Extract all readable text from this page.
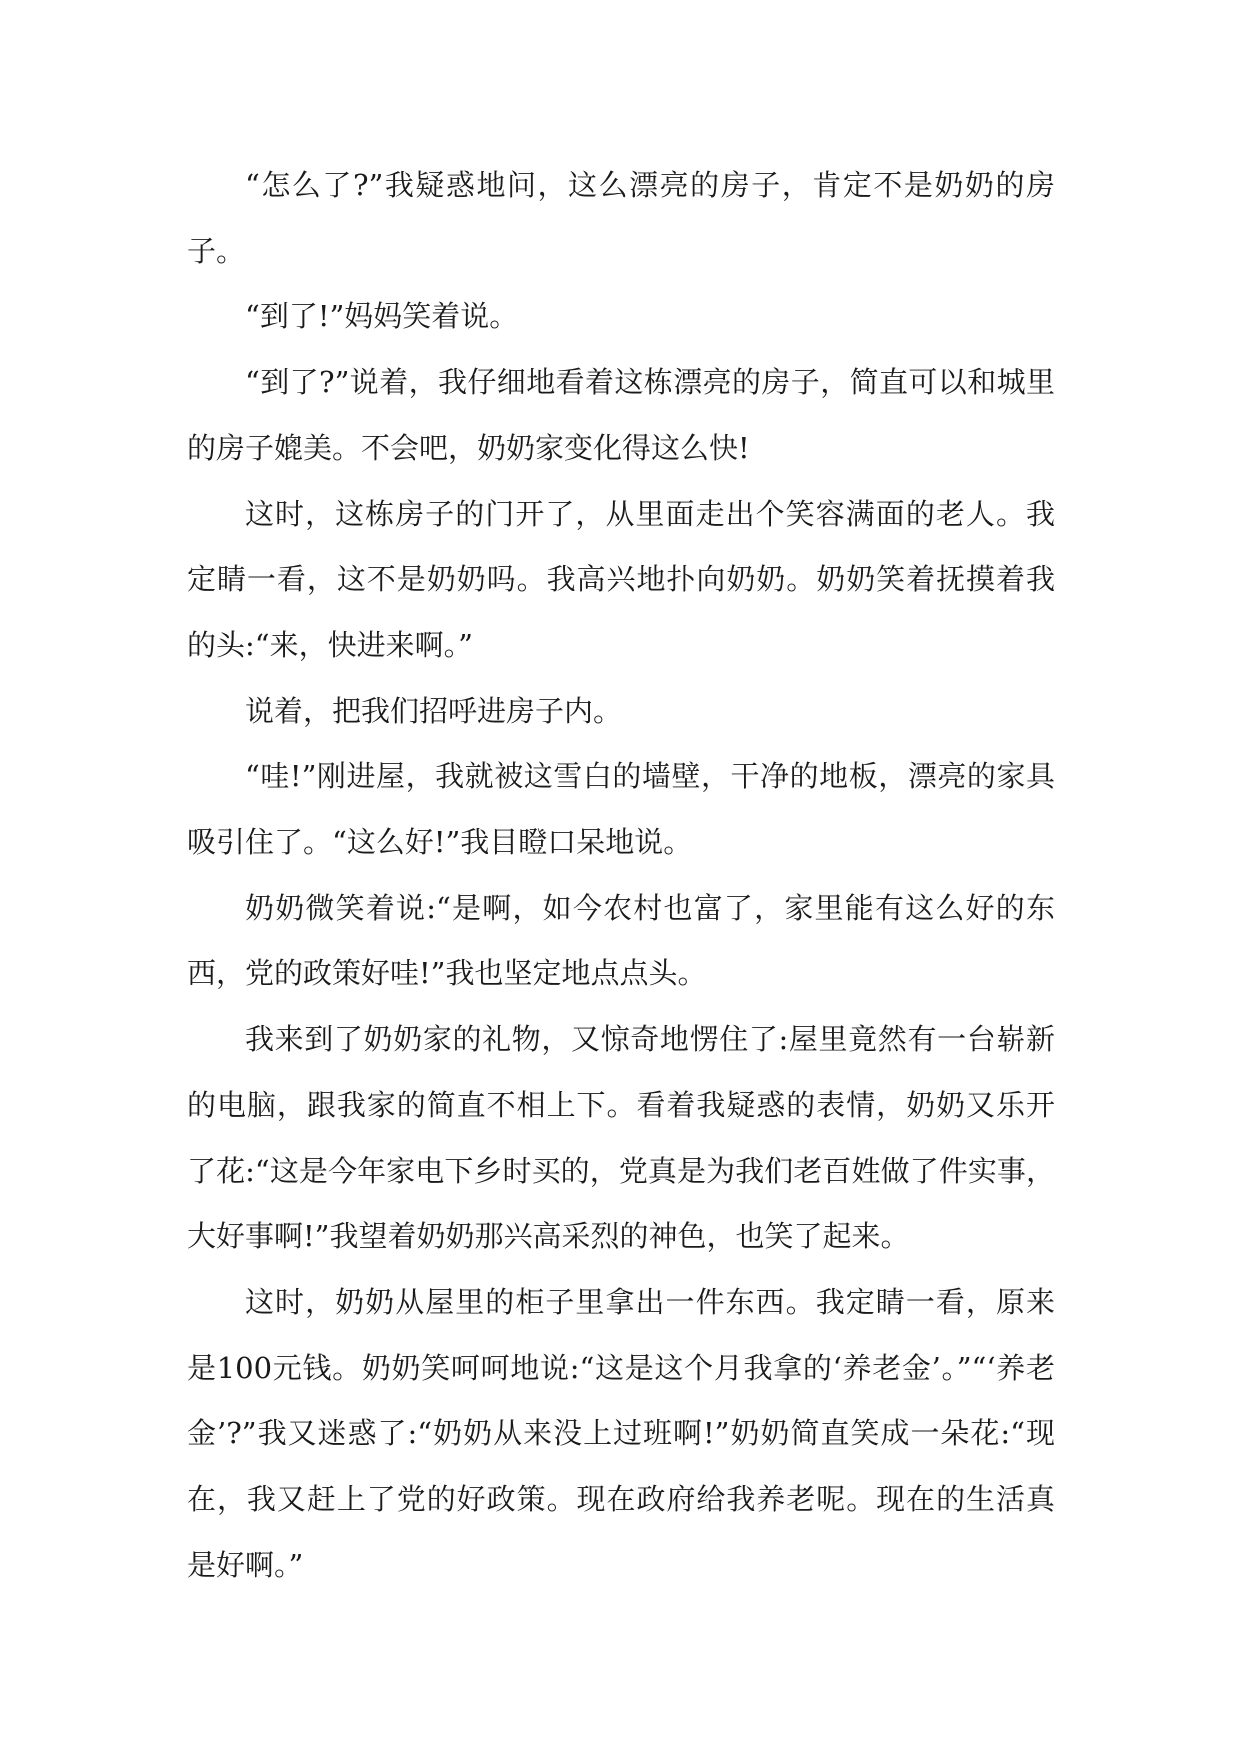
“怎么了?”我疑惑地问，这么漂亮的房子，肯定不是奶奶的房子。

“到了!”妈妈笑着说。

“到了?”说着，我仔细地看着这栋漂亮的房子，简直可以和城里的房子媲美。不会吧，奶奶家变化得这么快!

这时，这栋房子的门开了，从里面走出个笑容满面的老人。我定睛一看，这不是奶奶吗。我高兴地扑向奶奶。奶奶笑着抚摸着我的头:“来，快进来啊。”

说着，把我们招呼进房子内。

“哇!”刚进屋，我就被这雪白的墙壁，干净的地板，漂亮的家具吸引住了。“这么好!”我目瞪口呆地说。

奶奶微笑着说:“是啊，如今农村也富了，家里能有这么好的东西，党的政策好哇!”我也坚定地点点头。

我来到了奶奶家的礼物，又惊奇地愣住了:屋里竟然有一台崭新的电脑，跟我家的简直不相上下。看着我疑惑的表情，奶奶又乐开了花:“这是今年家电下乡时买的，党真是为我们老百姓做了件实事，大好事啊!”我望着奶奶那兴高采烈的神色，也笑了起来。

这时，奶奶从屋里的柜子里拿出一件东西。我定睛一看，原来是100元钱。奶奶笑呵呵地说:“这是这个月我拿的‘养老金’。”“‘养老金’?”我又迷惑了:“奶奶从来没上过班啊!”奶奶简直笑成一朵花:“现在，我又赶上了党的好政策。现在政府给我养老呢。现在的生活真是好啊。”
